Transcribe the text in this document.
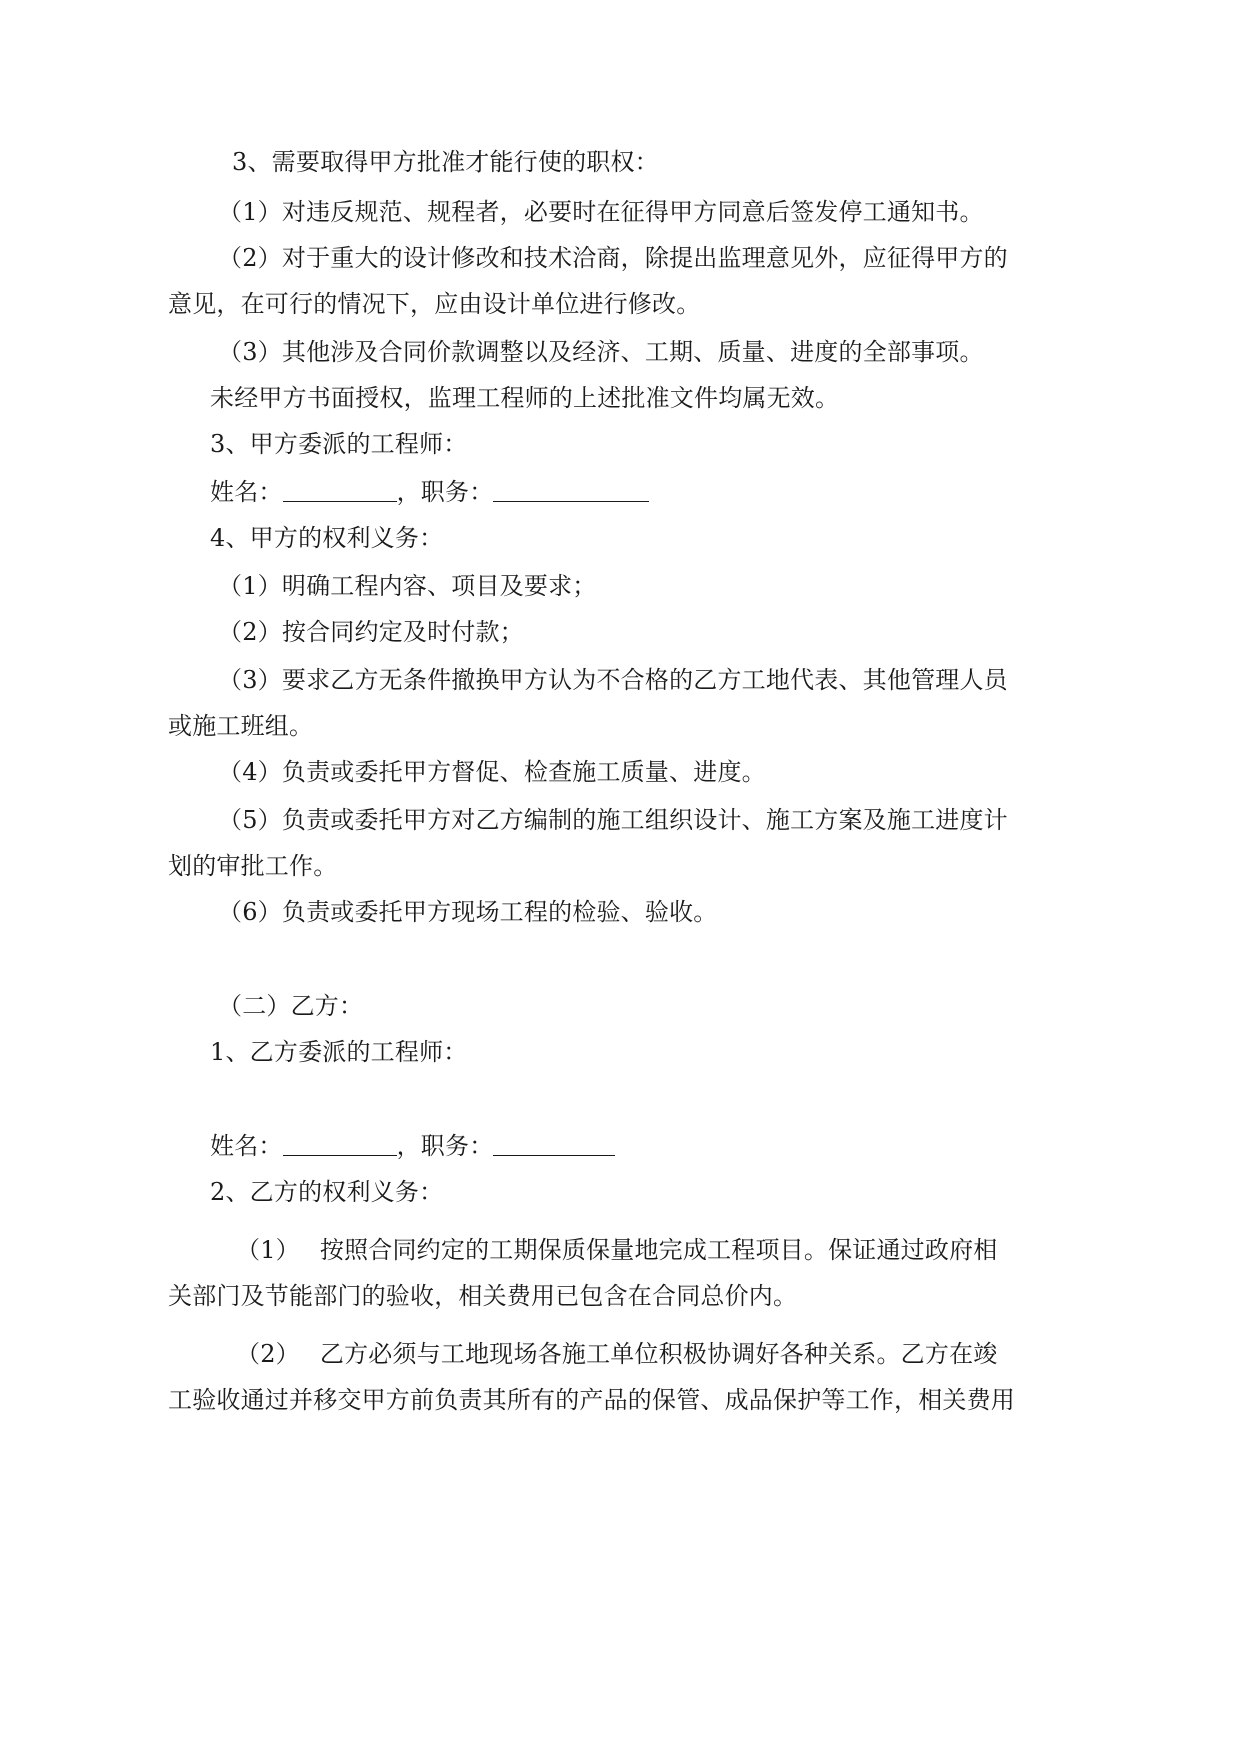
3、需要取得甲方批准才能行使的职权：
（1）对违反规范、规程者，必要时在征得甲方同意后签发停工通知书。
（2）对于重大的设计修改和技术洽商，除提出监理意见外，应征得甲方的
意见，在可行的情况下，应由设计单位进行修改。
（3）其他涉及合同价款调整以及经济、工期、质量、进度的全部事项。
未经甲方书面授权，监理工程师的上述批准文件均属无效。
3、甲方委派的工程师：
姓名：	，职务：
4、甲方的权利义务：
（1）明确工程内容、项目及要求；
（2）按合同约定及时付款；
（3）要求乙方无条件撤换甲方认为不合格的乙方工地代表、其他管理人员
或施工班组。
（4）负责或委托甲方督促、检查施工质量、进度。
（5）负责或委托甲方对乙方编制的施工组织设计、施工方案及施工进度计
划的审批工作。
（6）负责或委托甲方现场工程的检验、验收。
（二）乙方：
1、乙方委派的工程师：
姓名：	，职务：
2、乙方的权利义务：
（1） 按照合同约定的工期保质保量地完成工程项目。保证通过政府相
关部门及节能部门的验收，相关费用已包含在合同总价内。
（2） 乙方必须与工地现场各施工单位积极协调好各种关系。乙方在竣
工验收通过并移交甲方前负责其所有的产品的保管、成品保护等工作，相关费用
